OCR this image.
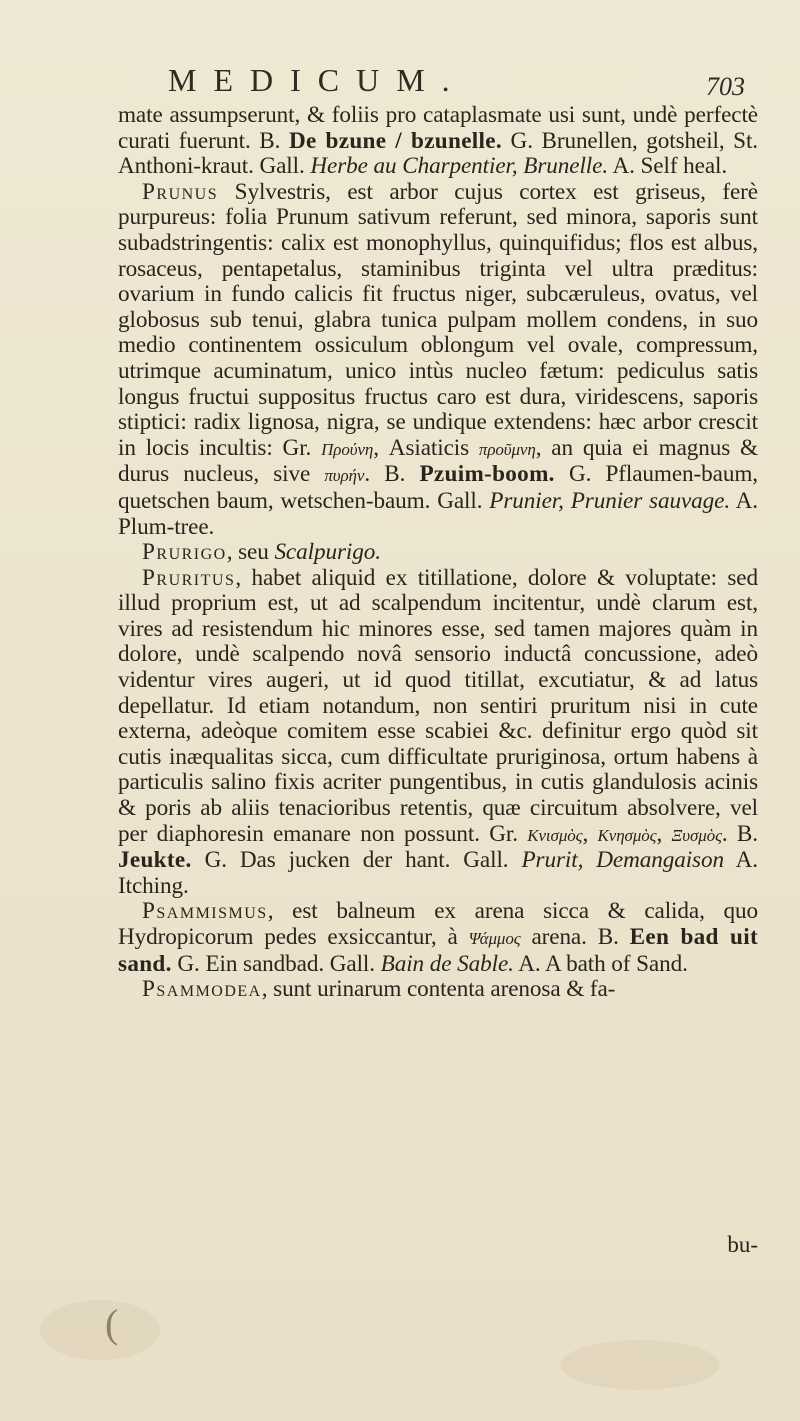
MEDICUM.	703

mate assumpserunt, & foliis pro cataplasmate usi sunt, undè perfectè curati fuerunt. B. De bzune / bzunelle. G. Brunellen, gotsheil, St. Anthoni-kraut. Gall. Herbe au Charpentier, Brunelle. A. Self heal.

Prunus Sylvestris, est arbor cujus cortex est griseus, ferè purpureus: folia Prunum sativum referunt, sed minora, saporis sunt subadstringentis: calix est monophyllus, quinquifidus; flos est albus, rosaceus, pentapetalus, staminibus triginta vel ultra præditus: ovarium in fundo calicis fit fructus niger, subcæruleus, ovatus, vel globosus sub tenui, glabra tunica pulpam mollem condens, in suo medio continentem ossiculum oblongum vel ovale, compressum, utrimque acuminatum, unico intùs nucleo fætum: pediculus satis longus fructui suppositus fructus caro est dura, viridescens, saporis stiptici: radix lignosa, nigra, se undique extendens: hæc arbor crescit in locis incultis: Gr. Προύνη, Asiaticis προῦμνη, an quia ei magnus & durus nucleus, sive πυρήν. B. Pzuim-boom. G. Pflaumen-baum, quetschen baum, wetschen-baum. Gall. Prunier, Prunier sauvage. A. Plum-tree.

Prurigo, seu Scalpurigo.

Pruritus, habet aliquid ex titillatione, dolore & voluptate: sed illud proprium est, ut ad scalpendum incitentur, undè clarum est, vires ad resistendum hic minores esse, sed tamen majores quàm in dolore, undè scalpendo novâ sensorio inductâ concussione, adeò videntur vires augeri, ut id quod titillat, excutiatur, & ad latus depellatur. Id etiam notandum, non sentiri pruritum nisi in cute externa, adeòque comitem esse scabiei &c. definitur ergo quòd sit cutis inæqualitas sicca, cum difficultate pruriginosa, ortum habens à particulis salino fixis acriter pungentibus, in cutis glandulosis acinis & poris ab aliis tenacioribus retentis, quæ circuitum absolvere, vel per diaphoresin emanare non possunt. Gr. Κνισμὸς, Κνησμὸς, Ξυσμὸς. B. Jeukte. G. Das jucken der hant. Gall. Prurit, Demangaison A. Itching.

Psammismus, est balneum ex arena sicca & calida, quo Hydropicorum pedes exsiccantur, à Ψάμμος arena. B. Een bad uit sand. G. Ein sandbad. Gall. Bain de Sable. A. A bath of Sand.

Psammodea, sunt urinarum contenta arenosa & fa-

bu-
(
